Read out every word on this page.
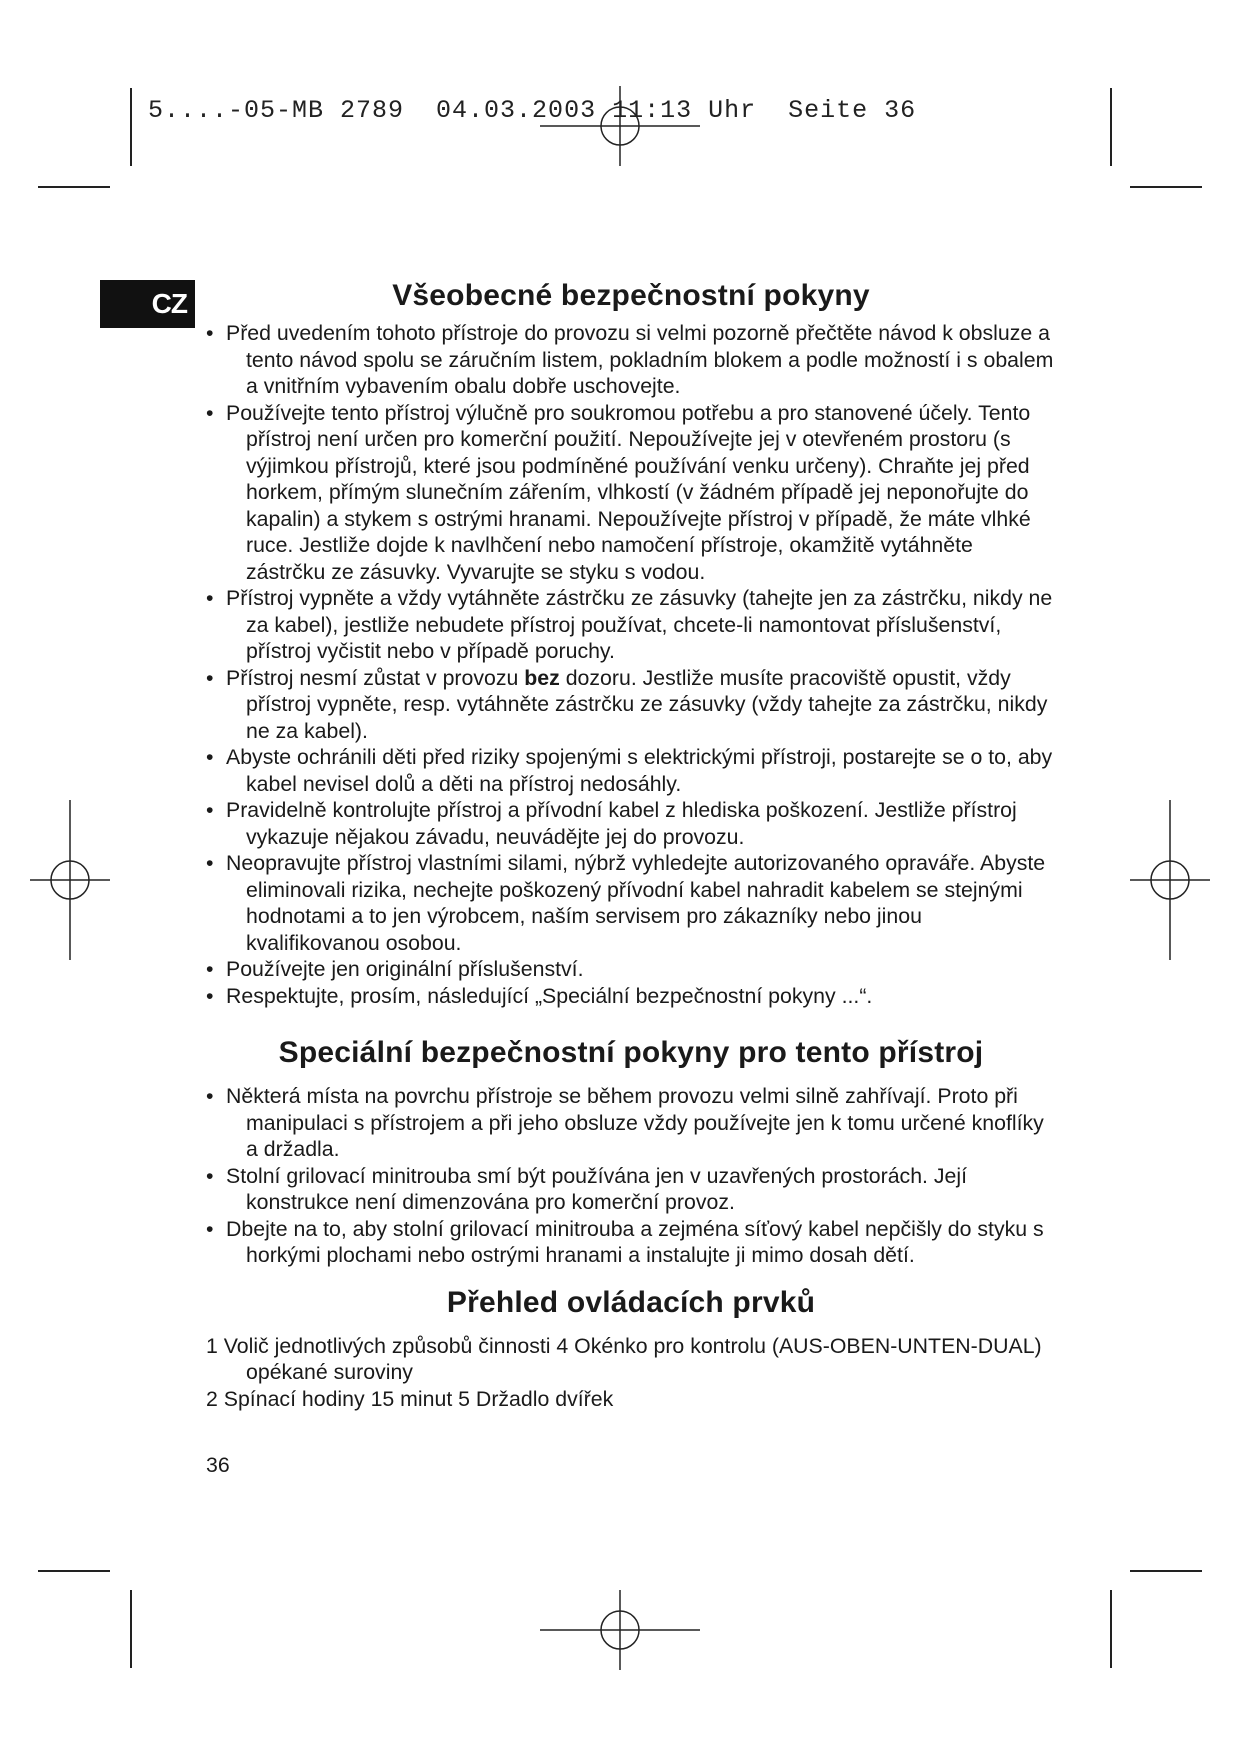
5....-05-MB 2789  04.03.2003 11:13 Uhr  Seite 36
CZ	Všeobecné bezpečnostní pokyny
• Před uvedením tohoto přístroje do provozu si velmi pozorně přečtěte návod k obsluze a tento návod spolu se záručním listem, pokladním blokem a podle možností i s obalem a vnitřním vybavením obalu dobře uschovejte.
• Používejte tento přístroj výlučně pro soukromou potřebu a pro stanovené účely. Tento přístroj není určen pro komerční použití. Nepoužívejte jej v otevřeném prostoru (s výjimkou přístrojů, které jsou podmíněné používání venku určeny). Chraňte jej před horkem, přímým slunečním zářením, vlhkostí (v žádném případě jej neponořujte do kapalin) a stykem s ostrými hranami. Nepoužívejte přístroj v případě, že máte vlhké ruce. Jestliže dojde k navlhčení nebo namočení přístroje, okamžitě vytáhněte zástrčku ze zásuvky. Vyvarujte se styku s vodou.
• Přístroj vypněte a vždy vytáhněte zástrčku ze zásuvky (tahejte jen za zástrčku, nikdy ne za kabel), jestliže nebudete přístroj používat, chcete-li namontovat příslušenství, přístroj vyčistit nebo v případě poruchy.
• Přístroj nesmí zůstat v provozu bez dozoru. Jestliže musíte pracoviště opustit, vždy přístroj vypněte, resp. vytáhněte zástrčku ze zásuvky (vždy tahejte za zástrčku, nikdy ne za kabel).
• Abyste ochránili děti před riziky spojenými s elektrickými přístroji, postarejte se o to, aby kabel nevisel dolů a děti na přístroj nedosáhly.
• Pravidelně kontrolujte přístroj a přívodní kabel z hlediska poškození. Jestliže přístroj vykazuje nějakou závadu, neuvádějte jej do provozu.
• Neopravujte přístroj vlastními silami, nýbrž vyhledejte autorizovaného opraváře. Abyste eliminovali rizika, nechejte poškozený přívodní kabel nahradit kabelem se stejnými hodnotami a to jen výrobcem, naším servisem pro zákazníky nebo jinou kvalifikovanou osobou.
• Používejte jen originální příslušenství.
• Respektujte, prosím, následující „Speciální bezpečnostní pokyny ...“.
Speciální bezpečnostní pokyny pro tento přístroj
• Některá místa na povrchu přístroje se během provozu velmi silně zahřívají. Proto při manipulaci s přístrojem a při jeho obsluze vždy používejte jen k tomu určené knoflíky a držadla.
• Stolní grilovací minitrouba smí být používána jen v uzavřených prostorách. Její konstrukce není dimenzována pro komerční provoz.
• Dbejte na to, aby stolní grilovací minitrouba a zejména síťový kabel nepčišly do styku s horkými plochami nebo ostrými hranami a instalujte ji mimo dosah dětí.
Přehled ovládacích prvků
1 Volič jednotlivých způsobů činnosti 4 Okénko pro kontrolu (AUS-OBEN-UNTEN-DUAL) opékané suroviny
2 Spínací hodiny 15 minut 5 Držadlo dvířek
36
